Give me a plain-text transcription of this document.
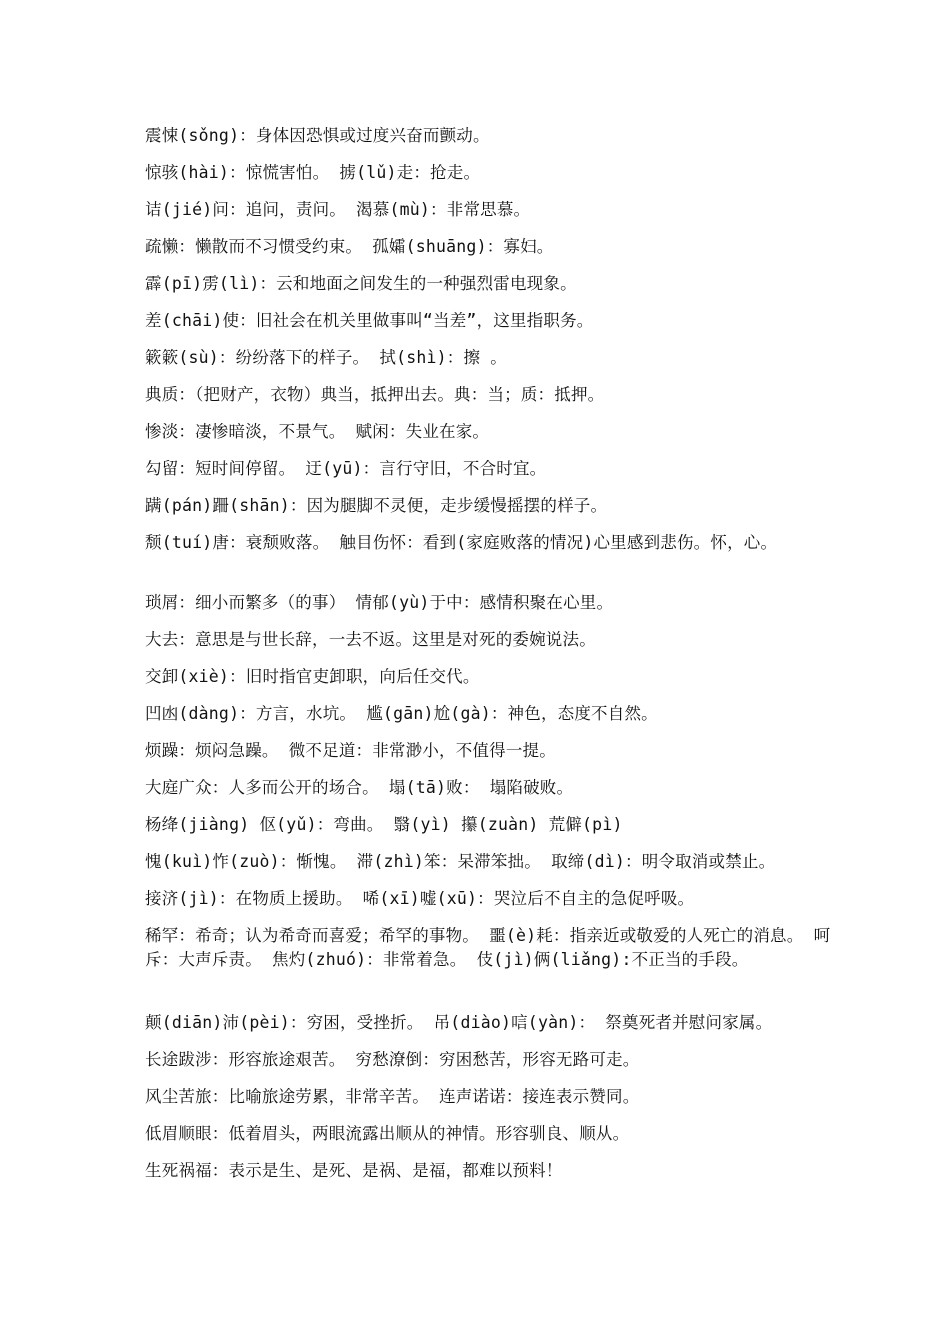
震悚(sǒng)：身体因恐惧或过度兴奋而颤动。
惊骇(hài)：惊慌害怕。 掳(lǔ)走：抢走。
诘(jié)问：追问，责问。 渴慕(mù)：非常思慕。
疏懒：懒散而不习惯受约束。 孤孀(shuāng)：寡妇。
霹(pī)雳(lì)：云和地面之间发生的一种强烈雷电现象。
差(chāi)使：旧社会在机关里做事叫“当差”，这里指职务。
簌簌(sù)：纷纷落下的样子。 拭(shì)：擦 。
典质：（把财产，衣物）典当，抵押出去。典：当；质：抵押。
惨淡：凄惨暗淡，不景气。 赋闲：失业在家。
勾留：短时间停留。 迂(yū)：言行守旧，不合时宜。
蹒(pán)跚(shān)：因为腿脚不灵便，走步缓慢摇摆的样子。
颓(tuí)唐：衰颓败落。 触目伤怀：看到(家庭败落的情况)心里感到悲伤。怀，心。
琐屑：细小而繁多（的事） 情郁(yù)于中：感情积聚在心里。
大去：意思是与世长辞，一去不返。这里是对死的委婉说法。
交卸(xiè)：旧时指官吏卸职，向后任交代。
凹凼(dàng)：方言，水坑。 尴(gān)尬(gà)：神色，态度不自然。
烦躁：烦闷急躁。 微不足道：非常渺小，不值得一提。
大庭广众：人多而公开的场合。 塌(tā)败： 塌陷破败。
杨绛(jiàng) 伛(yǔ)：弯曲。 翳(yì) 攥(zuàn) 荒僻(pì)
愧(kuì)怍(zuò)：惭愧。 滞(zhì)笨：呆滞笨拙。 取缔(dì)：明令取消或禁止。
接济(jì)：在物质上援助。 唏(xī)嘘(xū)：哭泣后不自主的急促呼吸。
稀罕：希奇；认为希奇而喜爱；希罕的事物。 噩(è)耗：指亲近或敬爱的人死亡的消息。 呵斥：大声斥责。 焦灼(zhuó)：非常着急。 伎(jì)俩(liǎng):不正当的手段。
颠(diān)沛(pèi)：穷困，受挫折。 吊(diào)唁(yàn)： 祭奠死者并慰问家属。
长途跋涉：形容旅途艰苦。 穷愁潦倒：穷困愁苦，形容无路可走。
风尘苦旅：比喻旅途劳累，非常辛苦。 连声诺诺：接连表示赞同。
低眉顺眼：低着眉头，两眼流露出顺从的神情。形容驯良、顺从。
生死祸福：表示是生、是死、是祸、是福，都难以预料！
